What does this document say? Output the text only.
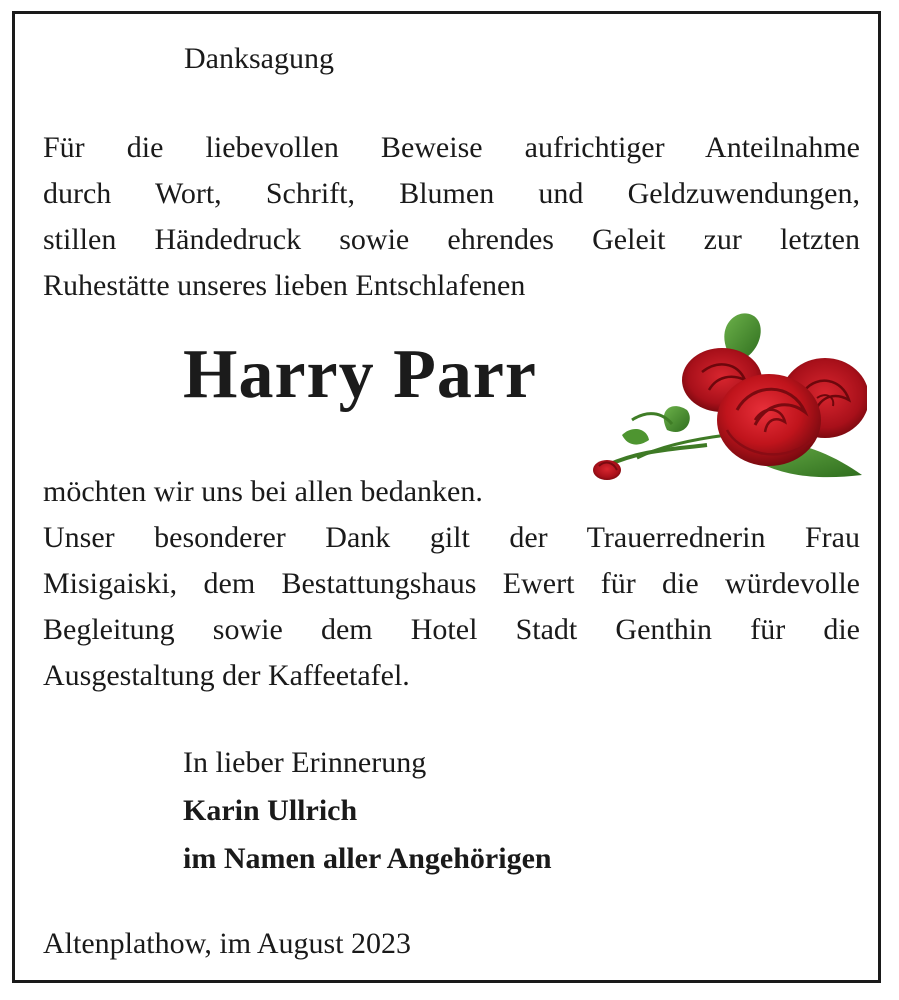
Danksagung
Für die liebevollen Beweise aufrichtiger Anteilnahme
durch Wort, Schrift, Blumen und Geldzuwendungen,
stillen Händedruck sowie ehrendes Geleit zur letzten
Ruhestätte unseres lieben Entschlafenen
Harry Parr
möchten wir uns bei allen bedanken.
Unser besonderer Dank gilt der Trauerrednerin Frau
Misigaiski, dem Bestattungshaus Ewert für die würdevolle
Begleitung sowie dem Hotel Stadt Genthin für die
Ausgestaltung der Kaffeetafel.
In lieber Erinnerung
Karin Ullrich
im Namen aller Angehörigen
Altenplathow, im August 2023
